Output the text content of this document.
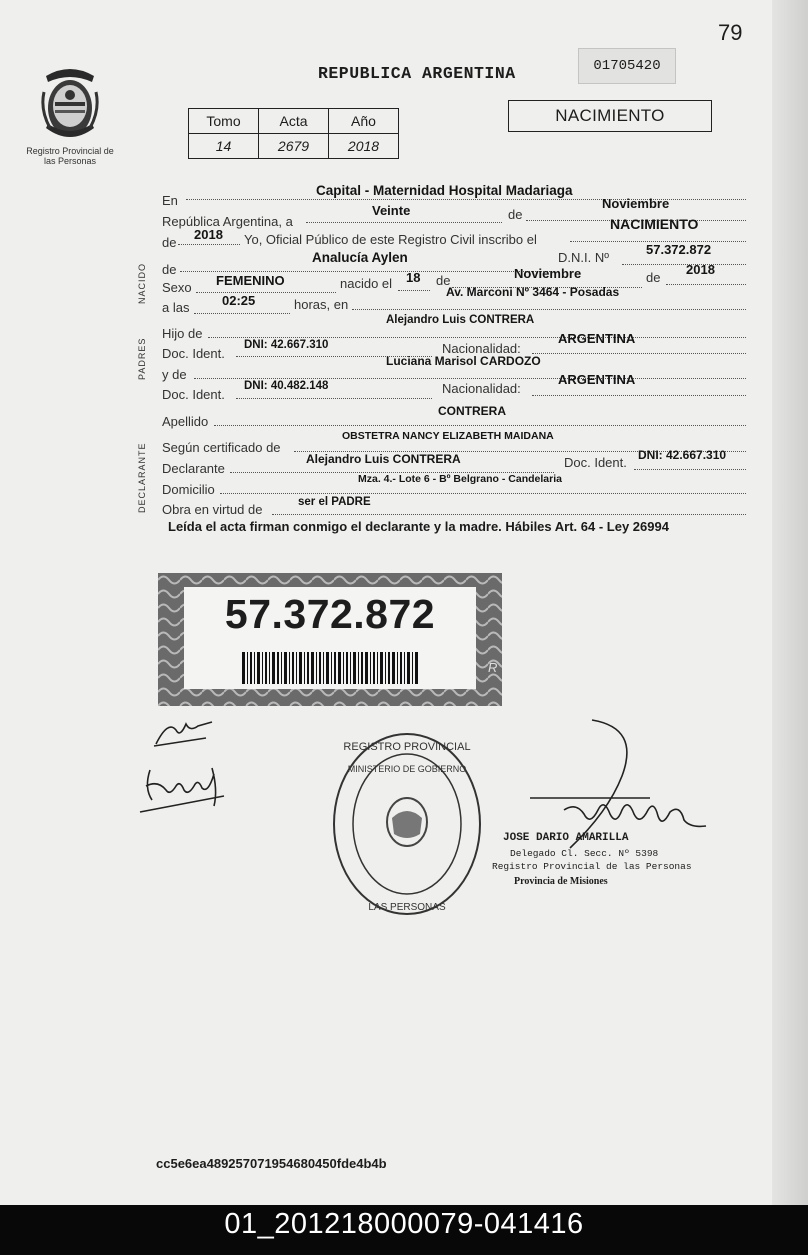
79
Registro Provincial de las Personas
REPUBLICA ARGENTINA	01705420
NACIMIENTO
Tomo	Acta	Año
14	2679	2018
NACIDO
PADRES
DECLARANTE
En
Capital - Maternidad Hospital Madariaga
República Argentina, a
Veinte	de
Noviembre
de
2018 Yo, Oficial Público de este Registro Civil inscribo el
NACIMIENTO
de
Analucía Aylen	D.N.I. Nº
57.372.872
Sexo FEMENINO	nacido el 18 de	Noviembre	de
2018
a las	02:25	horas, en
Av. Marconi Nº 3464 - Posadas
Hijo de
Alejandro Luis CONTRERA
Doc. Ident.
DNI: 42.667.310	Nacionalidad:
ARGENTINA
y de
Luciana Marisol CARDOZO
Doc. Ident.
DNI: 40.482.148	Nacionalidad:
ARGENTINA
Apellido
CONTRERA
Según certificado de
OBSTETRA NANCY ELIZABETH MAIDANA
Declarante
Alejandro Luis CONTRERA	Doc. Ident. DNI: 42.667.310
Domicilio
Mza. 4.- Lote 6 - Bº Belgrano - Candelaria
Obra en virtud de	ser el PADRE
Leída el acta firman conmigo el declarante y la madre. Hábiles Art. 64 - Ley 26994
57.372.872
R
REGISTRO PROVINCIAL
LAS PERSONAS
MINISTERIO DE GOBIERNO
JOSE DARIO AMARILLA
Delegado Cl. Secc. Nº 5398
Registro Provincial de las Personas
Provincia de Misiones
cc5e6ea489257071954680450fde4b4b
01_201218000079-041416
